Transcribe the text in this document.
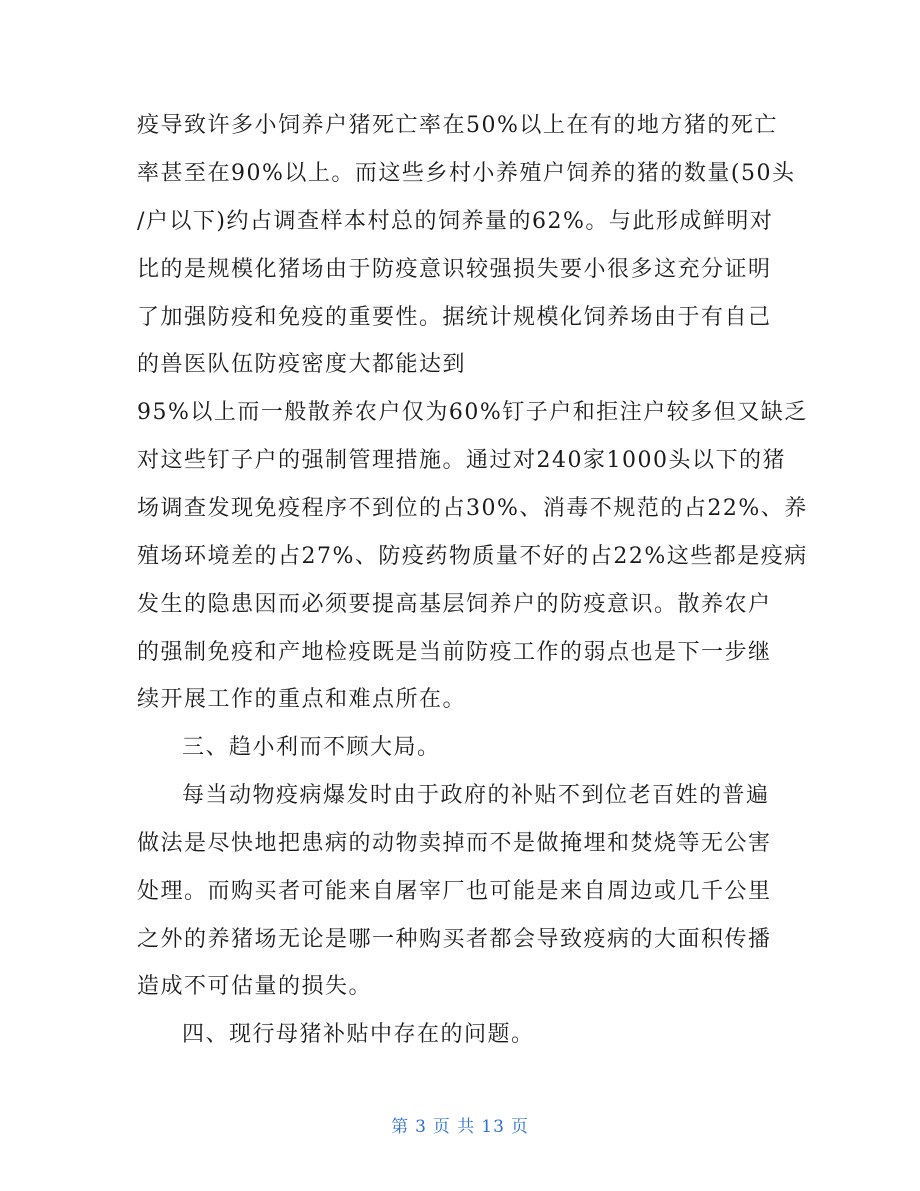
疫导致许多小饲养户猪死亡率在50%以上在有的地方猪的死亡
率甚至在90%以上。而这些乡村小养殖户饲养的猪的数量(50头
/户以下)约占调查样本村总的饲养量的62%。与此形成鲜明对
比的是规模化猪场由于防疫意识较强损失要小很多这充分证明
了加强防疫和免疫的重要性。据统计规模化饲养场由于有自己
的兽医队伍防疫密度大都能达到
95%以上而一般散养农户仅为60%钉子户和拒注户较多但又缺乏
对这些钉子户的强制管理措施。通过对240家1000头以下的猪
场调查发现免疫程序不到位的占30%、消毒不规范的占22%、养
殖场环境差的占27%、防疫药物质量不好的占22%这些都是疫病
发生的隐患因而必须要提高基层饲养户的防疫意识。散养农户
的强制免疫和产地检疫既是当前防疫工作的弱点也是下一步继
续开展工作的重点和难点所在。
三、趋小利而不顾大局。
每当动物疫病爆发时由于政府的补贴不到位老百姓的普遍
做法是尽快地把患病的动物卖掉而不是做掩埋和焚烧等无公害
处理。而购买者可能来自屠宰厂也可能是来自周边或几千公里
之外的养猪场无论是哪一种购买者都会导致疫病的大面积传播
造成不可估量的损失。
四、现行母猪补贴中存在的问题。
第 3 页 共 13 页
